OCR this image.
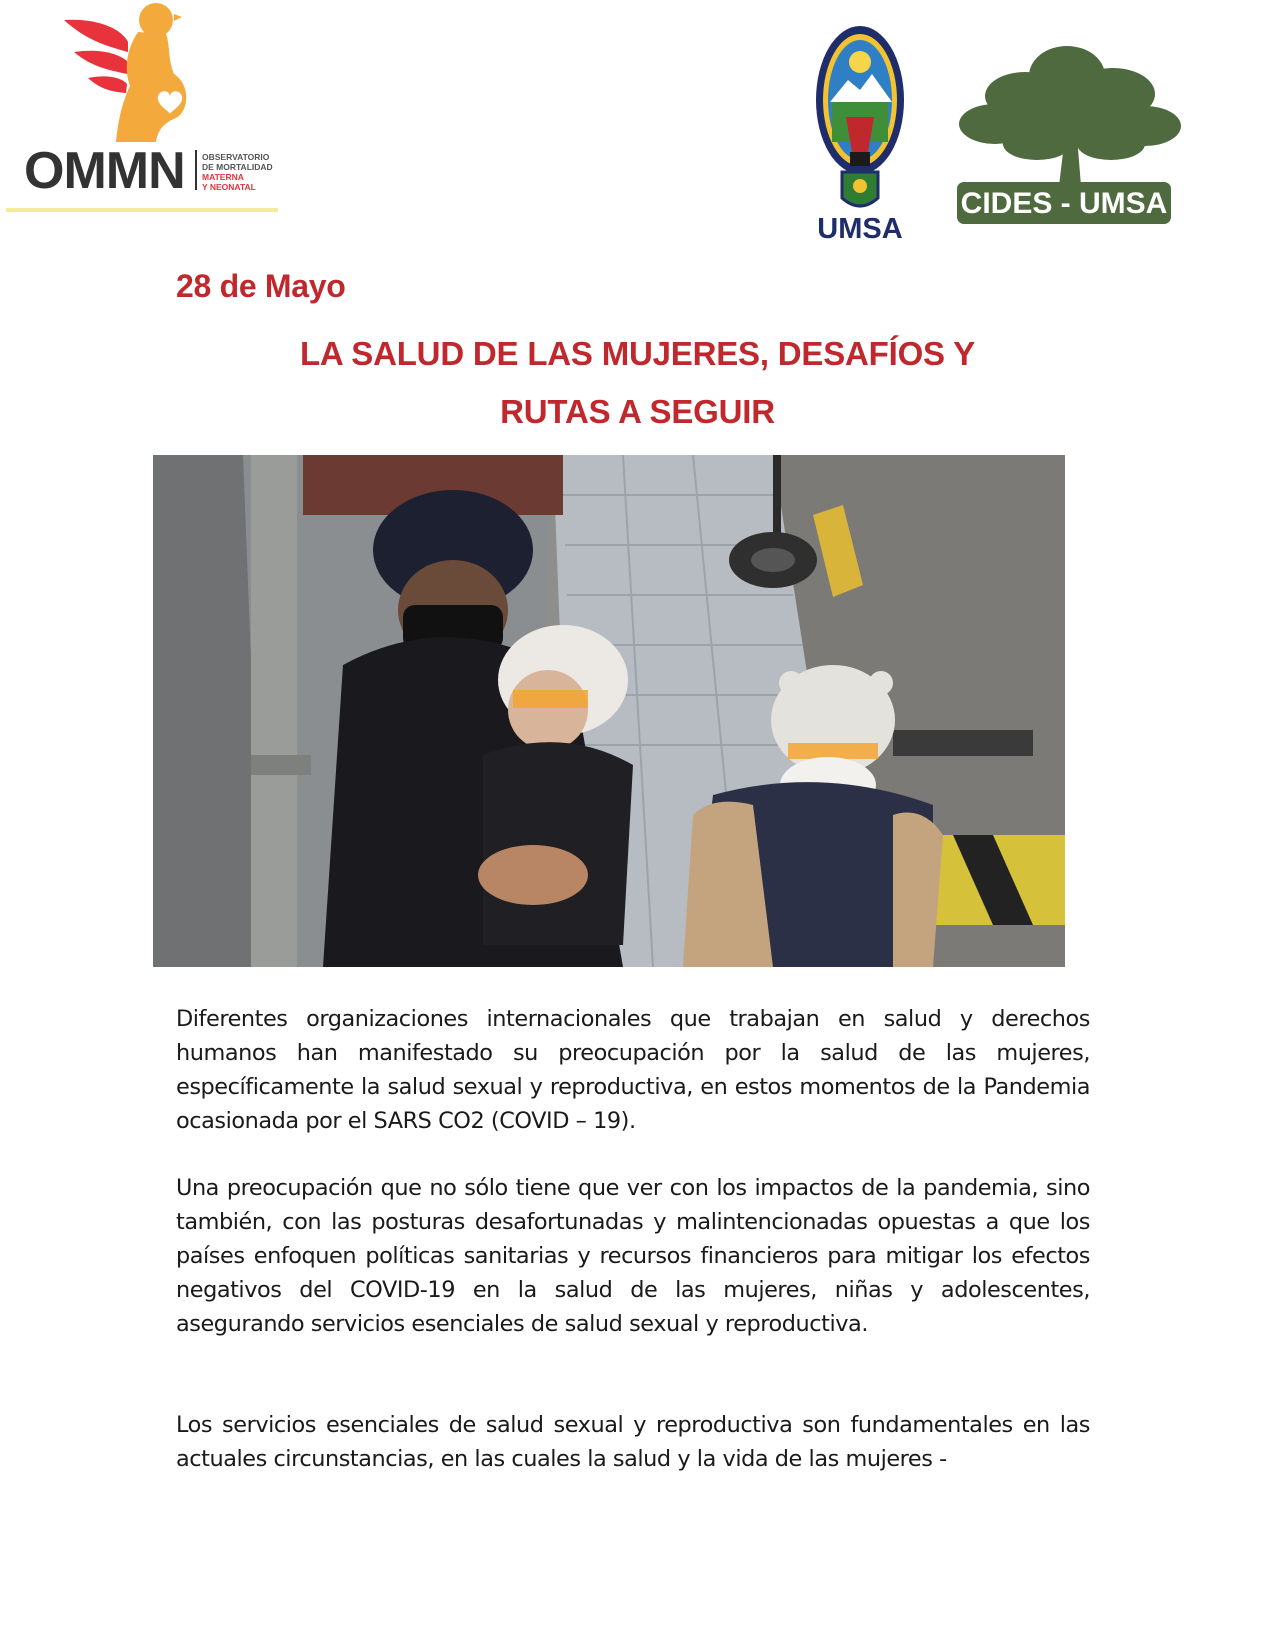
OMMN OBSERVATORIO
DE MORTALIDAD
MATERNA
Y NEONATAL
UMSA
CIDES - UMSA
28 de Mayo
LA SALUD DE LAS MUJERES, DESAFÍOS Y
RUTAS A SEGUIR

Diferentes organizaciones internacionales que trabajan en salud y derechos humanos han manifestado su preocupación por la salud de las mujeres, específicamente la salud sexual y reproductiva, en estos momentos de la Pandemia ocasionada por el SARS CO2 (COVID – 19).

Una preocupación que no sólo tiene que ver con los impactos de la pandemia, sino también, con las posturas desafortunadas y malintencionadas opuestas a que los países enfoquen políticas sanitarias y recursos financieros para mitigar los efectos negativos del COVID-19 en la salud de las mujeres, niñas y adolescentes, asegurando servicios esenciales de salud sexual y reproductiva.

Los servicios esenciales de salud sexual y reproductiva son fundamentales en las actuales circunstancias, en las cuales la salud y la vida de las mujeres -
